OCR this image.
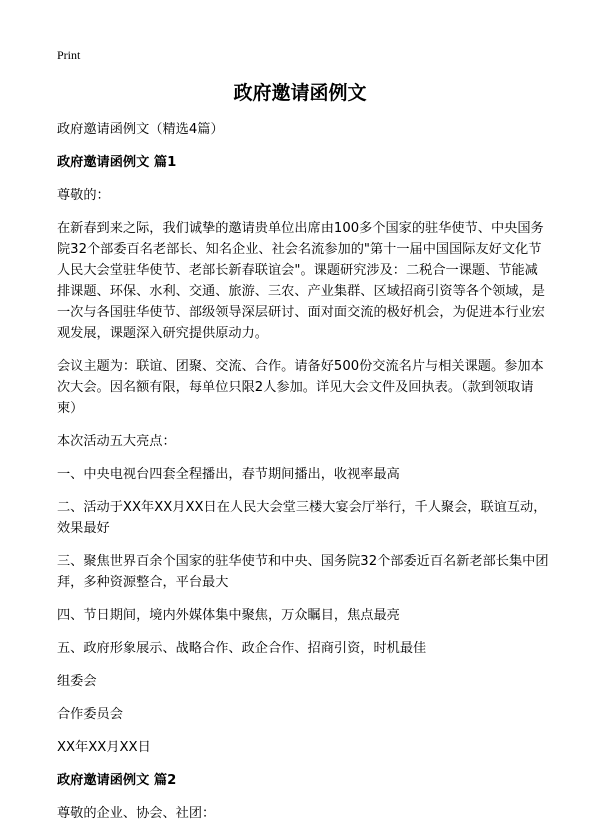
Print
政府邀请函例文

政府邀请函例文（精选4篇）

政府邀请函例文 篇1

尊敬的：

在新春到来之际，我们诚挚的邀请贵单位出席由100多个国家的驻华使节、中央国务院32个部委百名老部长、知名企业、社会名流参加的"第十一届中国国际友好文化节人民大会堂驻华使节、老部长新春联谊会"。课题研究涉及：二税合一课题、节能减排课题、环保、水利、交通、旅游、三农、产业集群、区域招商引资等各个领域，是一次与各国驻华使节、部级领导深层研讨、面对面交流的极好机会，为促进本行业宏观发展，课题深入研究提供原动力。

会议主题为：联谊、团聚、交流、合作。请备好500份交流名片与相关课题。参加本次大会。因名额有限，每单位只限2人参加。详见大会文件及回执表。（款到领取请柬）

本次活动五大亮点：

一、中央电视台四套全程播出，春节期间播出，收视率最高

二、活动于XX年XX月XX日在人民大会堂三楼大宴会厅举行，千人聚会，联谊互动，效果最好

三、聚焦世界百余个国家的驻华使节和中央、国务院32个部委近百名新老部长集中团拜，多种资源整合，平台最大

四、节日期间，境内外媒体集中聚焦，万众瞩目，焦点最亮

五、政府形象展示、战略合作、政企合作、招商引资，时机最佳

组委会

合作委员会

XX年XX月XX日

政府邀请函例文 篇2

尊敬的企业、协会、社团：
